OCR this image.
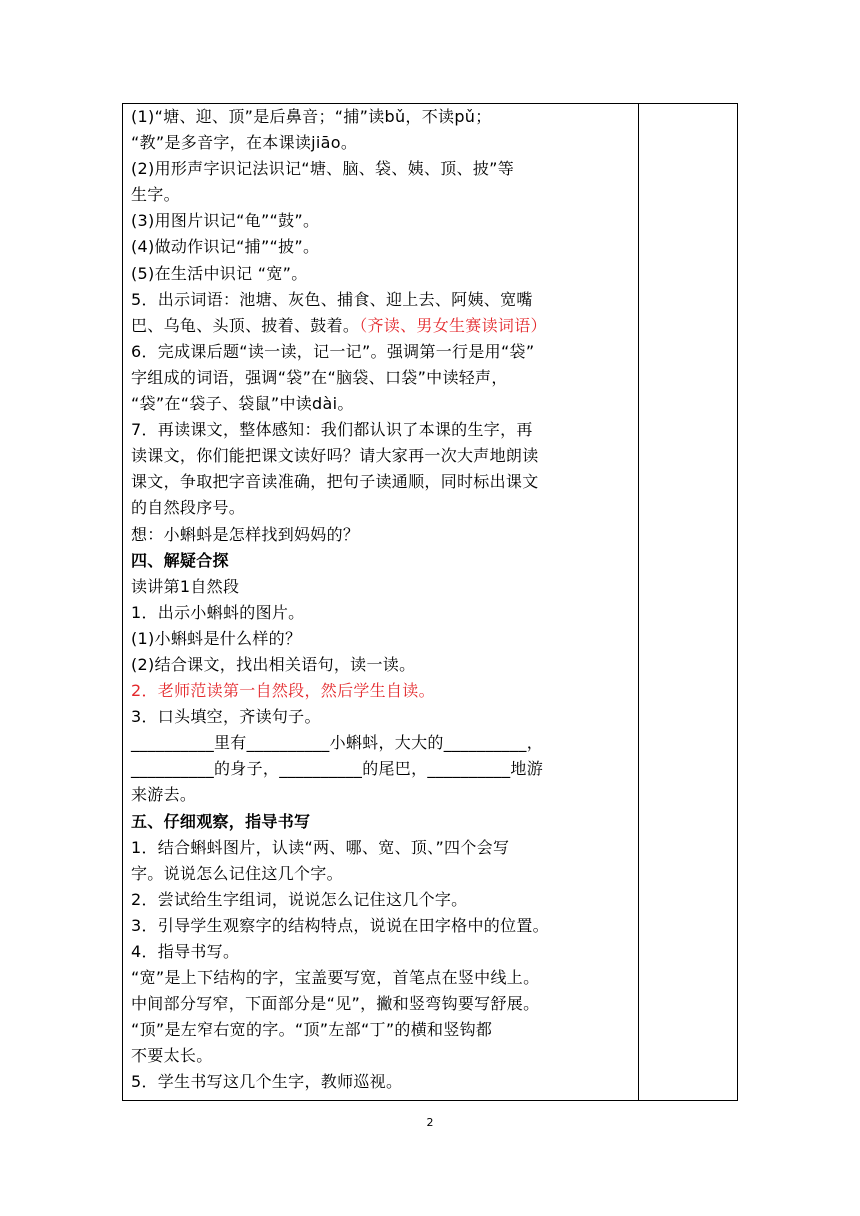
(1)“塘、迎、顶”是后鼻音；“捕”读bǔ，不读pǔ；
“教”是多音字，在本课读jiāo。
(2)用形声字识记法识记“塘、脑、袋、姨、顶、披”等
生字。
(3)用图片识记“龟”“鼓”。
(4)做动作识记“捕”“披”。
(5)在生活中识记 “宽”。
5．出示词语：池塘、灰色、捕食、迎上去、阿姨、宽嘴
巴、乌龟、头顶、披着、鼓着。（齐读、男女生赛读词语）
6．完成课后题“读一读，记一记”。强调第一行是用“袋”
字组成的词语，强调“袋”在“脑袋、口袋”中读轻声，
“袋”在“袋子、袋鼠”中读dài。
7．再读课文，整体感知：我们都认识了本课的生字，再
读课文，你们能把课文读好吗？请大家再一次大声地朗读
课文，争取把字音读准确，把句子读通顺，同时标出课文
的自然段序号。
想：小蝌蚪是怎样找到妈妈的？
四、解疑合探
读讲第1自然段
1．出示小蝌蚪的图片。
(1)小蝌蚪是什么样的？
(2)结合课文，找出相关语句，读一读。
2．老师范读第一自然段，然后学生自读。
3．口头填空，齐读句子。
__________里有__________小蝌蚪，大大的__________，
__________的身子，__________的尾巴，__________地游
来游去。
五、仔细观察，指导书写
1．结合蝌蚪图片，认读“两、哪、宽、顶、”四个会写
字。说说怎么记住这几个字。
2．尝试给生字组词，说说怎么记住这几个字。
3．引导学生观察字的结构特点，说说在田字格中的位置。
4．指导书写。
“宽”是上下结构的字，宝盖要写宽，首笔点在竖中线上。
中间部分写窄，下面部分是“见”，撇和竖弯钩要写舒展。
“顶”是左窄右宽的字。“顶”左部“丁”的横和竖钩都
不要太长。
5．学生书写这几个生字，教师巡视。
2
